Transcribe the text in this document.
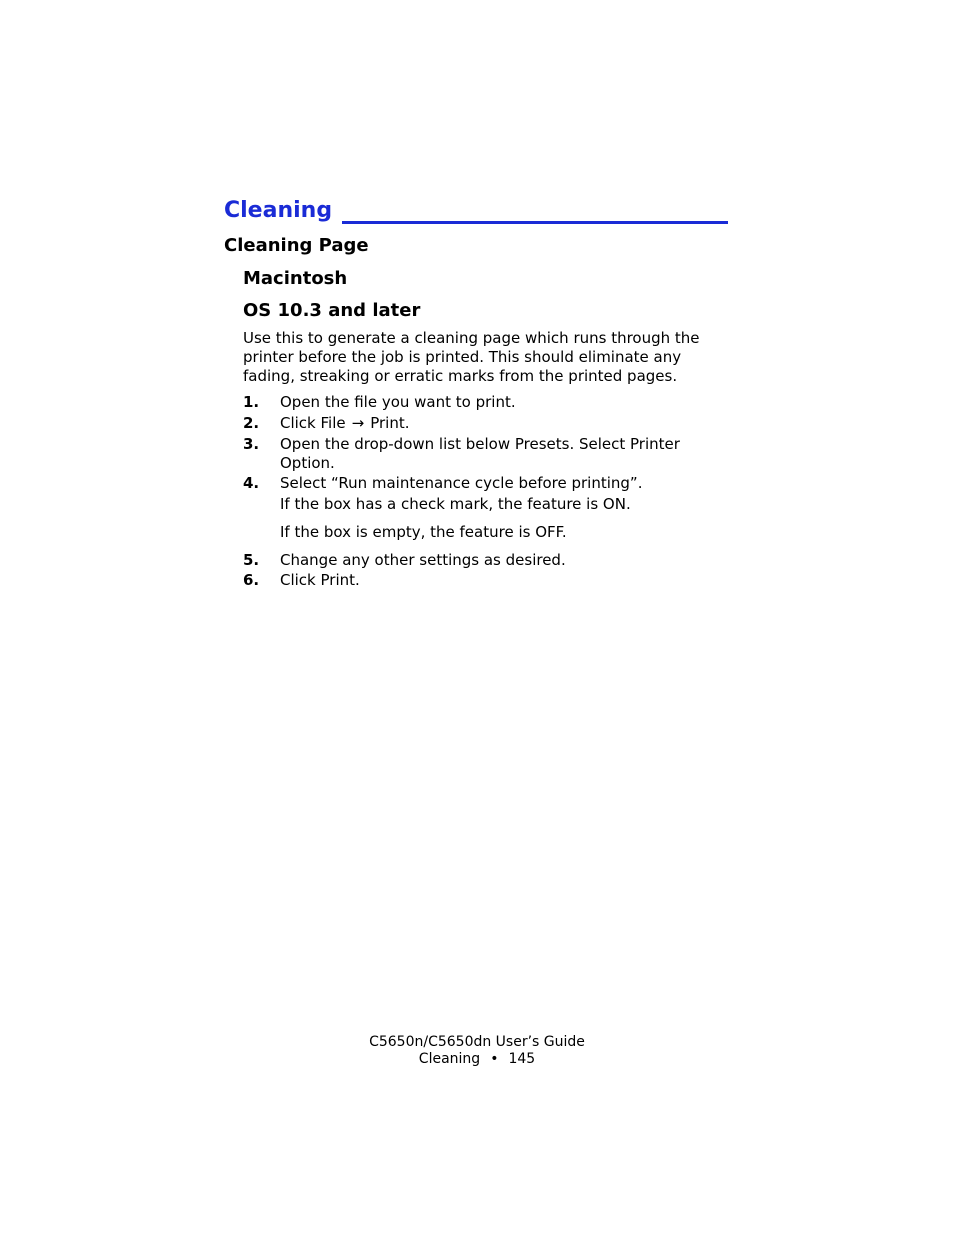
Cleaning
Cleaning Page
Macintosh
OS 10.3 and later

Use this to generate a cleaning page which runs through the printer before the job is printed. This should eliminate any fading, streaking or erratic marks from the printed pages.

1. Open the file you want to print.
2. Click File → Print.
3. Open the drop-down list below Presets. Select Printer Option.
4. Select “Run maintenance cycle before printing”.

If the box has a check mark, the feature is ON.

If the box is empty, the feature is OFF.

5. Change any other settings as desired.
6. Click Print.

C5650n/C5650dn User’s Guide

Cleaning • 145
